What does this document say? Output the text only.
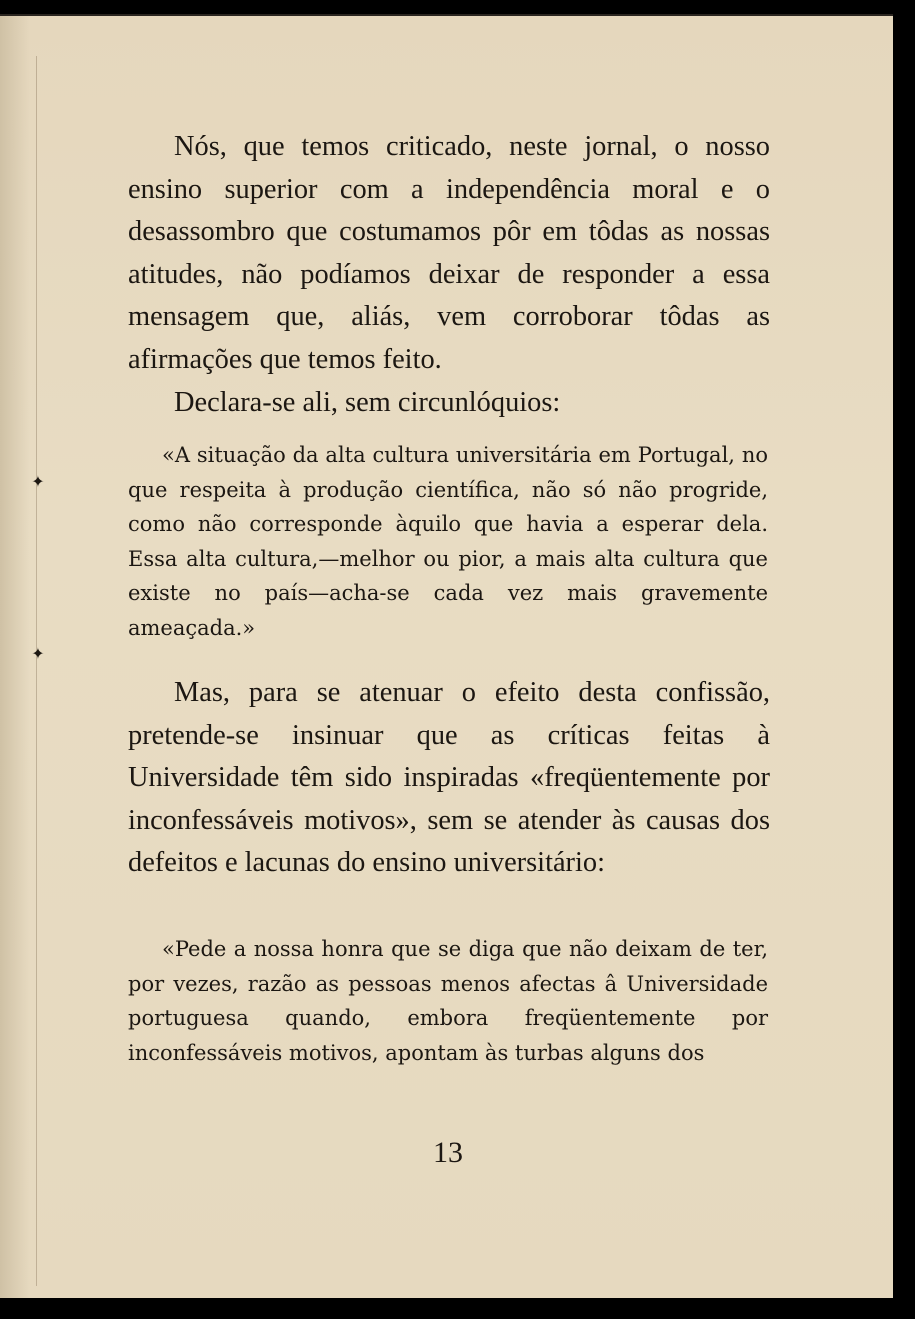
✦
✦

Nós, que temos criticado, neste jornal, o nosso ensino superior com a independência moral e o desassombro que costumamos pôr em tôdas as nossas atitudes, não podíamos deixar de responder a essa mensagem que, aliás, vem corroborar tôdas as afirmações que temos feito.

Declara-se ali, sem circunlóquios:

«A situação da alta cultura universitária em Portugal, no que respeita à produção científica, não só não progride, como não corresponde àquilo que havia a esperar dela. Essa alta cultura,—melhor ou pior, a mais alta cultura que existe no país—acha-se cada vez mais gravemente ameaçada.»

Mas, para se atenuar o efeito desta confissão, pretende-se insinuar que as críticas feitas à Universidade têm sido inspiradas «freqüentemente por inconfessáveis motivos», sem se atender às causas dos defeitos e lacunas do ensino universitário:

«Pede a nossa honra que se diga que não deixam de ter, por vezes, razão as pessoas menos afectas â Universidade portuguesa quando, embora freqüentemente por inconfessáveis motivos, apontam às turbas alguns dos

13
